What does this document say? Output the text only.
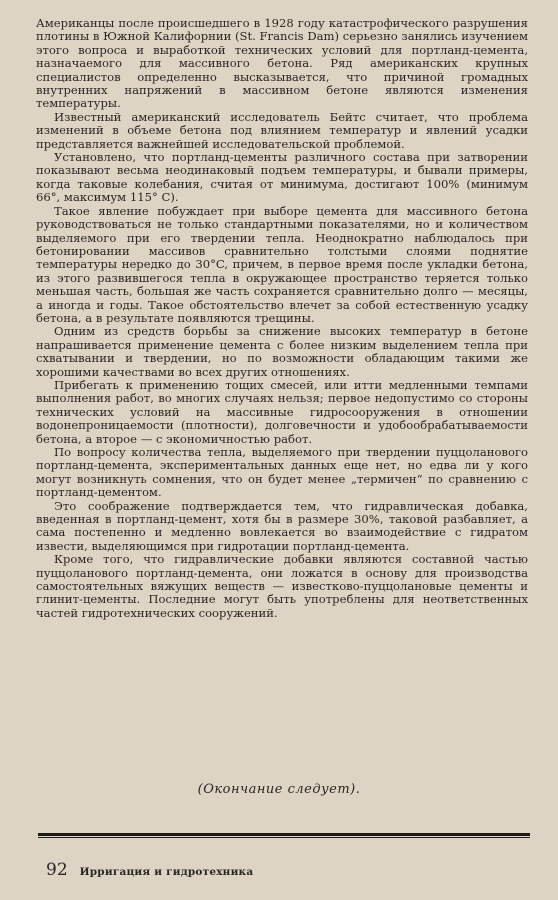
Американцы после происшедшего в 1928 году катастрофического разрушения плотины в Южной Калифорнии (St. Francis Dam) серьезно занялись изучением этого вопроса и выработкой технических условий для портланд-цемента, назначаемого для массивного бетона. Ряд американских крупных специалистов определенно высказывается, что причиной громадных внутренних напряжений в массивном бетоне являются изменения температуры.

Известный американский исследователь Бейтс считает, что проблема изменений в объеме бетона под влиянием температур и явлений усадки представляется важнейшей исследовательской проблемой.

Установлено, что портланд-цементы различного состава при затворении показывают весьма неодинаковый подъем температуры, и бывали примеры, когда таковые колебания, считая от минимума, достигают 100% (минимум 66°, максимум 115° C).

Такое явление побуждает при выборе цемента для массивного бетона руководствоваться не только стандартными показателями, но и количеством выделяемого при его твердении тепла. Неоднократно наблюдалось при бетонировании массивов сравнительно толстыми слоями поднятие температуры нередко до 30°C, причем, в первое время после укладки бетона, из этого развившегося тепла в окружающее пространство теряется только меньшая часть, большая же часть сохраняется сравнительно долго — месяцы, а иногда и годы. Такое обстоятельство влечет за собой естественную усадку бетона, а в результате появляются трещины.

Одним из средств борьбы за снижение высоких температур в бетоне напрашивается применение цемента с более низким выделением тепла при схватывании и твердении, но по возможности обладающим такими же хорошими качествами во всех других отношениях.

Прибегать к применению тощих смесей, или итти медленными темпами выполнения работ, во многих случаях нельзя; первое недопустимо со стороны технических условий на массивные гидросооружения в отношении водонепроницаемости (плотности), долговечности и удобообрабатываемости бетона, а второе — с экономичностью работ.

По вопросу количества тепла, выделяемого при твердении пуццоланового портланд-цемента, экспериментальных данных еще нет, но едва ли у кого могут возникнуть сомнения, что он будет менее „термичен“ по сравнению с портланд-цементом.

Это соображение подтверждается тем, что гидравлическая добавка, введенная в портланд-цемент, хотя бы в размере 30%, таковой разбавляет, а сама постепенно и медленно вовлекается во взаимодействие с гидратом извести, выделяющимся при гидротации портланд-цемента.

Кроме того, что гидравлические добавки являются составной частью пуццоланового портланд-цемента, они ложатся в основу для производства самостоятельных вяжущих веществ — известково-пуццолановые цементы и глинит-цементы. Последние могут быть употреблены для неответственных частей гидротехнических сооружений.

(Окончание следует).
92 Ирригация и гидротехника
